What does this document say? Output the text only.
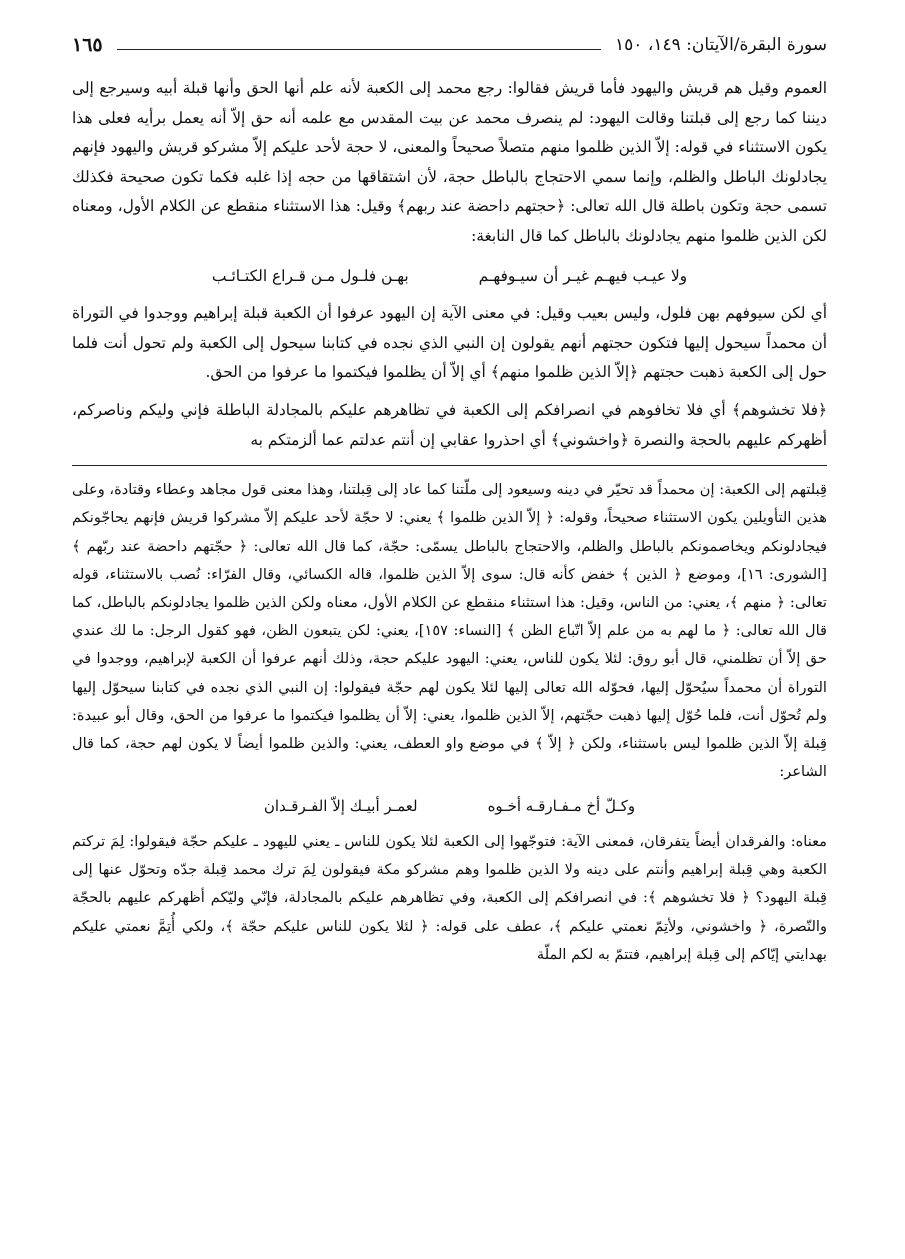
سورة البقرة/الآيتان: ١٤٩، ١٥٠
١٦٥

العموم وقيل هم قريش واليهود فأما قريش فقالوا: رجع محمد إلى الكعبة لأنه علم أنها الحق وأنها قبلة أبيه وسيرجع إلى ديننا كما رجع إلى قبلتنا وقالت اليهود: لم ينصرف محمد عن بيت المقدس مع علمه أنه حق إلاّ أنه يعمل برأيه فعلى هذا يكون الاستثناء في قوله: إلاّ الذين ظلموا منهم متصلاً صحيحاً والمعنى، لا حجة لأحد عليكم إلاّ مشركو قريش واليهود فإنهم يجادلونك الباطل والظلم، وإنما سمي الاحتجاج بالباطل حجة، لأن اشتقاقها من حجه إذا غلبه فكما تكون صحيحة فكذلك تسمى حجة وتكون باطلة قال الله تعالى: ﴿حجتهم داحضة عند ربهم﴾ وقيل: هذا الاستثناء منقطع عن الكلام الأول، ومعناه لكن الذين ظلموا منهم يجادلونك بالباطل كما قال النابغة:

ولا عيـب فيهـم غيـر أن سيـوفهـم
بهـن فلـول مـن قـراع الكتـائـب

أي لكن سيوفهم بهن فلول، وليس بعيب وقيل: في معنى الآية إن اليهود عرفوا أن الكعبة قبلة إبراهيم ووجدوا في التوراة أن محمداً سيحول إليها فتكون حجتهم أنهم يقولون إن النبي الذي نجده في كتابنا سيحول إلى الكعبة ولم تحول أنت فلما حول إلى الكعبة ذهبت حجتهم ﴿إلاّ الذين ظلموا منهم﴾ أي إلاّ أن يظلموا فيكتموا ما عرفوا من الحق.

﴿فلا تخشوهم﴾ أي فلا تخافوهم في انصرافكم إلى الكعبة في تظاهرهم عليكم بالمجادلة الباطلة فإني وليكم وناصركم، أظهركم عليهم بالحجة والنصرة ﴿واخشوني﴾ أي احذروا عقابي إن أنتم عدلتم عما ألزمتكم به

قِبلتهم إلى الكعبة: إن محمداً قد تحيّر في دينه وسيعود إلى ملّتنا كما عاد إلى قِبلتنا، وهذا معنى قول مجاهد وعطاء وقتادة، وعلى هذين التأويلين يكون الاستثناء صحيحاً، وقوله: ﴿ إلاّ الذين ظلموا ﴾ يعني: لا حجّة لأحد عليكم إلاّ مشركوا قريش فإنهم يحاجّونكم فيجادلونكم ويخاصمونكم بالباطل والظلم، والاحتجاج بالباطل يسمّى: حجّة، كما قال الله تعالى: ﴿ حجّتهم داحضة عند ربّهم ﴾ [الشورى: ١٦]، وموضع ﴿ الذين ﴾ خفض كأنه قال: سوى إلاّ الذين ظلموا، قاله الكسائي، وقال الفرّاء: نُصب بالاستثناء، قوله تعالى: ﴿ منهم ﴾، يعني: من الناس، وقيل: هذا استثناء منقطع عن الكلام الأول، معناه ولكن الذين ظلموا يجادلونكم بالباطل، كما قال الله تعالى: ﴿ ما لهم به من علم إلاّ اتّباع الظن ﴾ [النساء: ١٥٧]، يعني: لكن يتبعون الظن، فهو كقول الرجل: ما لك عندي حق إلاّ أن تظلمني، قال أبو روق: لئلا يكون للناس، يعني: اليهود عليكم حجة، وذلك أنهم عرفوا أن الكعبة لإبراهيم، ووجدوا في التوراة أن محمداً سيُحوّل إليها، فحوّله الله تعالى إليها لئلا يكون لهم حجّة فيقولوا: إن النبي الذي نجده في كتابنا سيحوّل إليها ولم تُحوّل أنت، فلما حُوّل إليها ذهبت حجّتهم، إلاّ الذين ظلموا، يعني: إلاّ أن يظلموا فيكتموا ما عرفوا من الحق، وقال أبو عبيدة: قِبلة إلاّ الذين ظلموا ليس باستثناء، ولكن ﴿ إلاّ ﴾ في موضع واو العطف، يعني: والذين ظلموا أيضاً لا يكون لهم حجة، كما قال الشاعر:

وكـلّ أخ مـفـارقـه أخـوه
لعمـر أبيـك إلاّ الفـرقـدان

معناه: والفرقدان أيضاً يتفرقان، فمعنى الآية: فتوجّهوا إلى الكعبة لئلا يكون للناس ـ يعني لليهود ـ عليكم حجّة فيقولوا: لِمَ تركتم الكعبة وهي قِبلة إبراهيم وأنتم على دينه ولا الذين ظلموا وهم مشركو مكة فيقولون لِمَ ترك محمد قِبلة جدّه وتحوّل عنها إلى قِبلة اليهود؟ ﴿ فلا تخشوهم ﴾: في انصرافكم إلى الكعبة، وفي تظاهرهم عليكم بالمجادلة، فإنّي وليّكم أظهركم عليهم بالحجّة والنّصرة، ﴿ واخشوني، ولأتِمّ نعمتي عليكم ﴾، عطف على قوله: ﴿ لئلا يكون للناس عليكم حجّة ﴾، ولكي أُتِمَّ نعمتي عليكم بهدايتي إيّاكم إلى قِبلة إبراهيم، فتتمّ به لكم الملّة
